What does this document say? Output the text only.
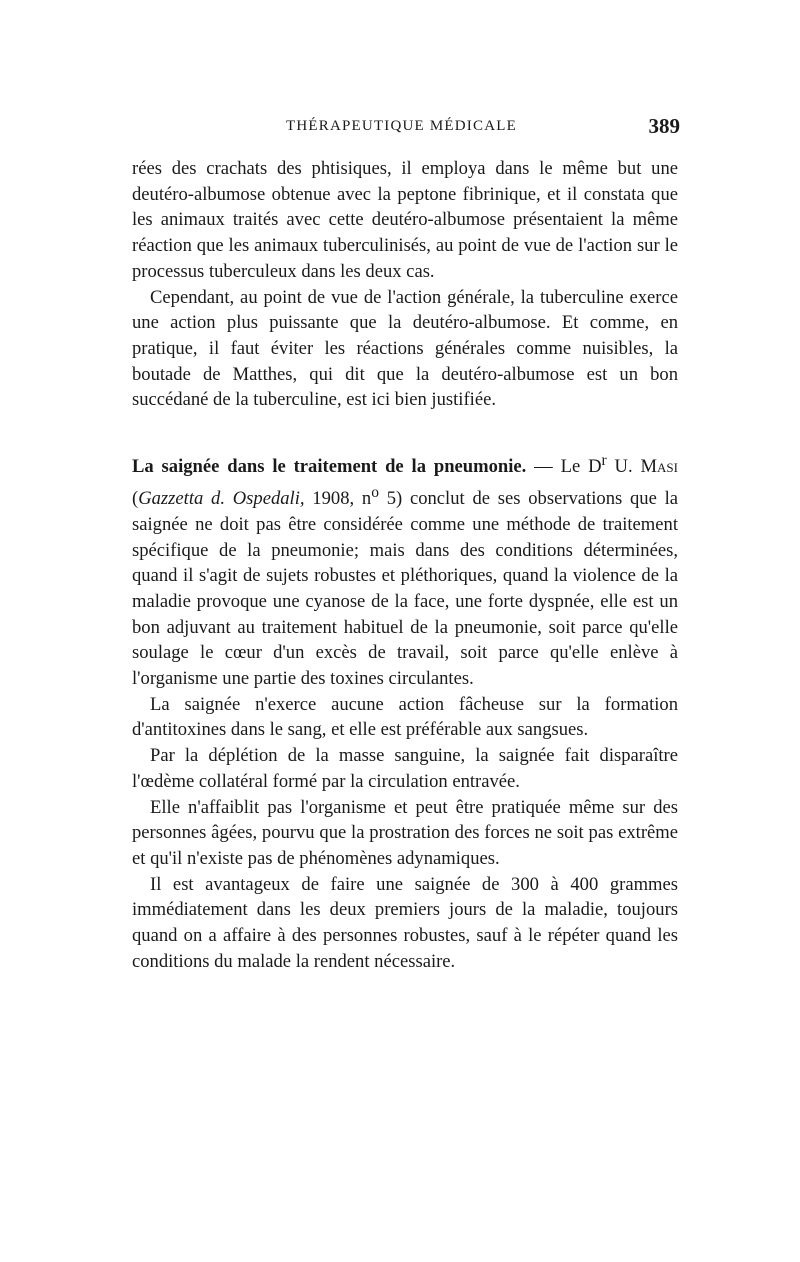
THÉRAPEUTIQUE MÉDICALE	389

rées des crachats des phtisiques, il employa dans le même but une deutéro-albumose obtenue avec la peptone fibrinique, et il constata que les animaux traités avec cette deutéro-albumose présentaient la même réaction que les animaux tuberculinisés, au point de vue de l'action sur le processus tuberculeux dans les deux cas.

Cependant, au point de vue de l'action générale, la tuberculine exerce une action plus puissante que la deutéro-albumose. Et comme, en pratique, il faut éviter les réactions générales comme nuisibles, la boutade de Matthes, qui dit que la deutéro-albumose est un bon succédané de la tuberculine, est ici bien justifiée.

La saignée dans le traitement de la pneumonie. — Le $D^r$ U. Masi (Gazzetta d. Ospedali, 1908, $n^o$ 5) conclut de ses observations que la saignée ne doit pas être considérée comme une méthode de traitement spécifique de la pneumonie; mais dans des conditions déterminées, quand il s'agit de sujets robustes et pléthoriques, quand la violence de la maladie provoque une cyanose de la face, une forte dyspnée, elle est un bon adjuvant au traitement habituel de la pneumonie, soit parce qu'elle soulage le cœur d'un excès de travail, soit parce qu'elle enlève à l'organisme une partie des toxines circulantes.

La saignée n'exerce aucune action fâcheuse sur la formation d'antitoxines dans le sang, et elle est préférable aux sangsues.

Par la déplétion de la masse sanguine, la saignée fait disparaître l'œdème collatéral formé par la circulation entravée.

Elle n'affaiblit pas l'organisme et peut être pratiquée même sur des personnes âgées, pourvu que la prostration des forces ne soit pas extrême et qu'il n'existe pas de phénomènes adynamiques.

Il est avantageux de faire une saignée de 300 à 400 grammes immédiatement dans les deux premiers jours de la maladie, toujours quand on a affaire à des personnes robustes, sauf à le répéter quand les conditions du malade la rendent nécessaire.
